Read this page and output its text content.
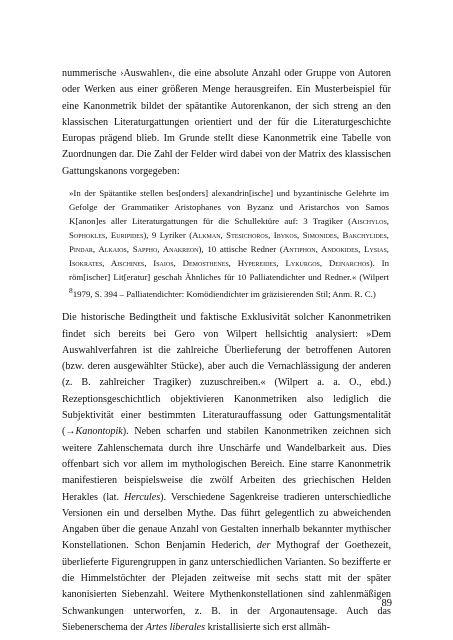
nummerische ›Auswahlen‹, die eine absolute Anzahl oder Gruppe von Autoren oder Werken aus einer größeren Menge herausgreifen. Ein Musterbeispiel für eine Kanonmetrik bildet der spätantike Autorenkanon, der sich streng an den klassischen Literaturgattungen orientiert und der für die Literaturgeschichte Europas prägend blieb. Im Grunde stellt diese Kanonmetrik eine Tabelle von Zuordnungen dar. Die Zahl der Felder wird dabei von der Matrix des klassischen Gattungskanons vorgegeben:

»In der Spätantike stellen bes[onders] alexandrin[ische] und byzantinische Gelehrte im Gefolge der Grammatiker Aristophanes von Byzanz und Aristarchos von Samos K[anon]es aller Literaturgattungen für die Schullektüre auf: 3 Tragiker (Aischylos, Sophokles, Euripides), 9 Lyriker (Alkman, Stesichoros, Ibykos, Simonides, Bakchylides, Pindar, Alkaios, Sappho, Anakreon), 10 attische Redner (Antiphon, Andokides, Lysias, Isokrates, Aischines, Isaios, Demosthenes, Hypereides, Lykurgos, Deinarchos). In röm[ischer] Lit[eratur] geschah Ähnliches für 10 Palliatendichter und Redner.« (Wilpert $^8$1979, S. 394 – Palliatendichter: Komödiendichter im gräzisierenden Stil; Anm. R. C.)

Die historische Bedingtheit und faktische Exklusivität solcher Kanonmetriken findet sich bereits bei Gero von Wilpert hellsichtig analysiert: »Dem Auswahlverfahren ist die zahlreiche Überlieferung der betroffenen Autoren (bzw. deren ausgewählter Stücke), aber auch die Vernachlässigung der anderen (z. B. zahlreicher Tragiker) zuzuschreiben.« (Wilpert a. a. O., ebd.) Rezeptionsgeschichtlich objektivieren Kanonmetriken also lediglich die Subjektivität einer bestimmten Literaturauffassung oder Gattungsmentalität (→Kanontopik). Neben scharfen und stabilen Kanonmetriken zeichnen sich weitere Zahlenschemata durch ihre Unschärfe und Wandelbarkeit aus. Dies offenbart sich vor allem im mythologischen Bereich. Eine starre Kanonmetrik manifestieren beispielsweise die zwölf Arbeiten des griechischen Helden Herakles (lat. Hercules). Verschiedene Sagenkreise tradieren unterschiedliche Versionen ein und derselben Mythe. Das führt gelegentlich zu abweichenden Angaben über die genaue Anzahl von Gestalten innerhalb bekannter mythischer Konstellationen. Schon Benjamin Hederich, der Mythograf der Goethezeit, überlieferte Figurengruppen in ganz unterschiedlichen Varianten. So bezifferte er die Himmelstöchter der Plejaden zeitweise mit sechs statt mit der später kanonisierten Siebenzahl. Weitere Mythenkonstellationen sind zahlenmäßigen Schwankungen unterworfen, z. B. in der Argonautensage. Auch das Siebenerschema der Artes liberales kristallisierte sich erst allmäh-

89
